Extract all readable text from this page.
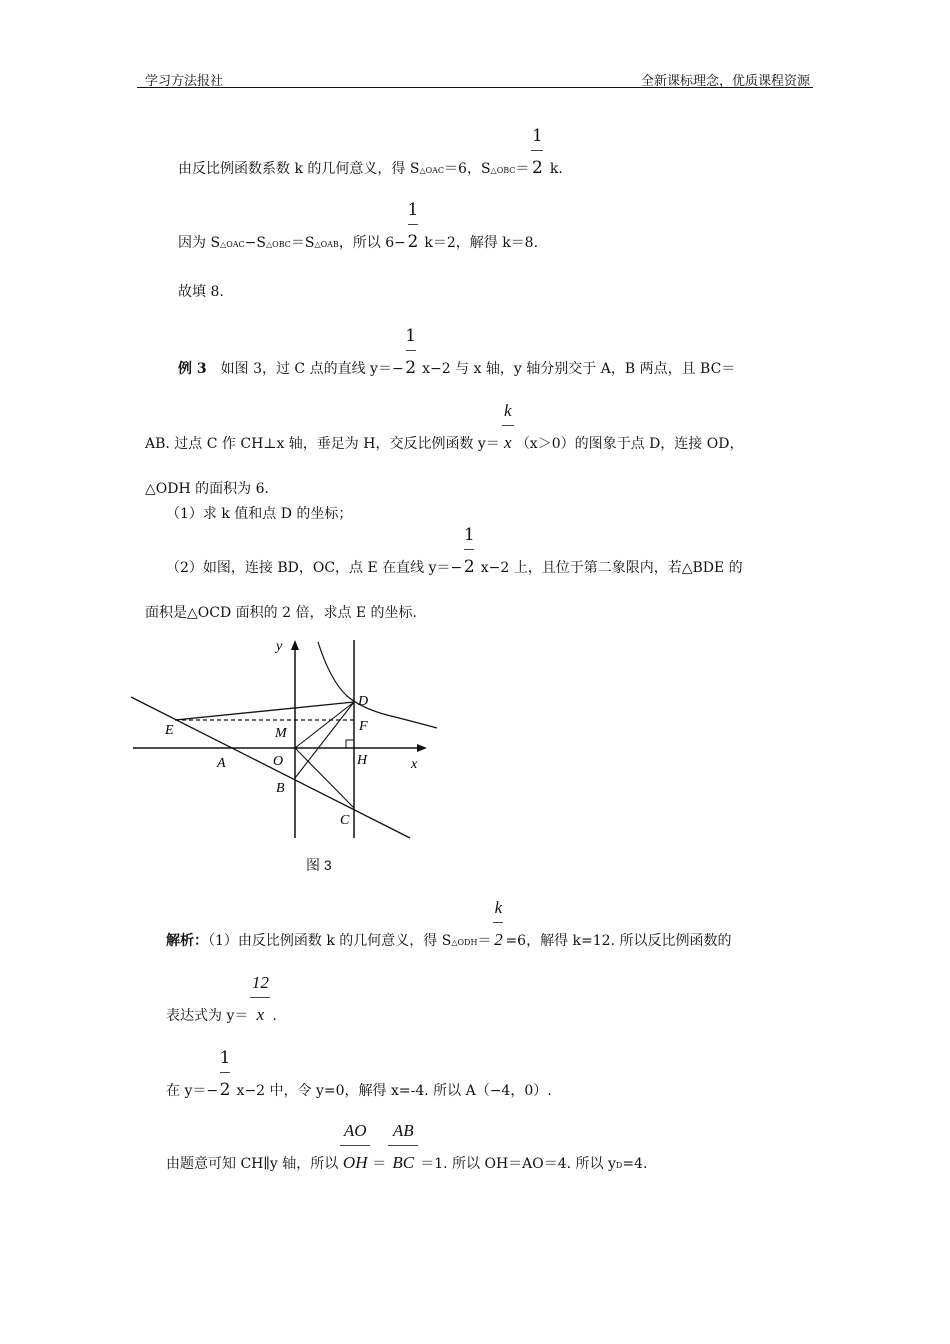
学习方法报社	全新课标理念，优质课程资源
由反比例函数系数 k 的几何意义，得 S△OAC＝6，S△OBC＝ $\frac{1}{2} k$.
因为 S△OAC−S△OBC＝S△OAB，所以 $6- \frac{1}{2} k=2$，解得 k＝8.
故填 8.
例 3　如图 3，过 C 点的直线 $y=- \frac{1}{2} x-2$ 与 x 轴，y 轴分别交于 A，B 两点，且 BC＝
AB. 过点 C 作 CH⊥x 轴，垂足为 H，交反比例函数 $y= \frac{k}{x}(x>0)$的图象于点 D，连接 OD，
△ODH 的面积为 6.
（1）求 k 值和点 D 的坐标；
（2）如图，连接 BD，OC，点 E 在直线 $y=- \frac{1}{2} x-2$ 上，且位于第二象限内，若△BDE 的
面积是△OCD 面积的 2 倍，求点 E 的坐标.
y
x
D
E	F
M
O
A	H
B
C
图 3
解析：（1）由反比例函数 k 的几何意义，得 S△ODH＝ $\frac{k}{2}=6$，解得 k=12. 所以反比例函数的
表达式为 $y= \frac{12}{x}$.
在 $y=- \frac{1}{2} x-2$ 中，令 y=0，解得 x=-4. 所以 A（−4，0）.
由题意可知 CH∥y 轴，所以 $\frac{AO}{OH}= \frac{AB}{BC}=1$. 所以 OH＝AO＝4. 所以 yD=4.
